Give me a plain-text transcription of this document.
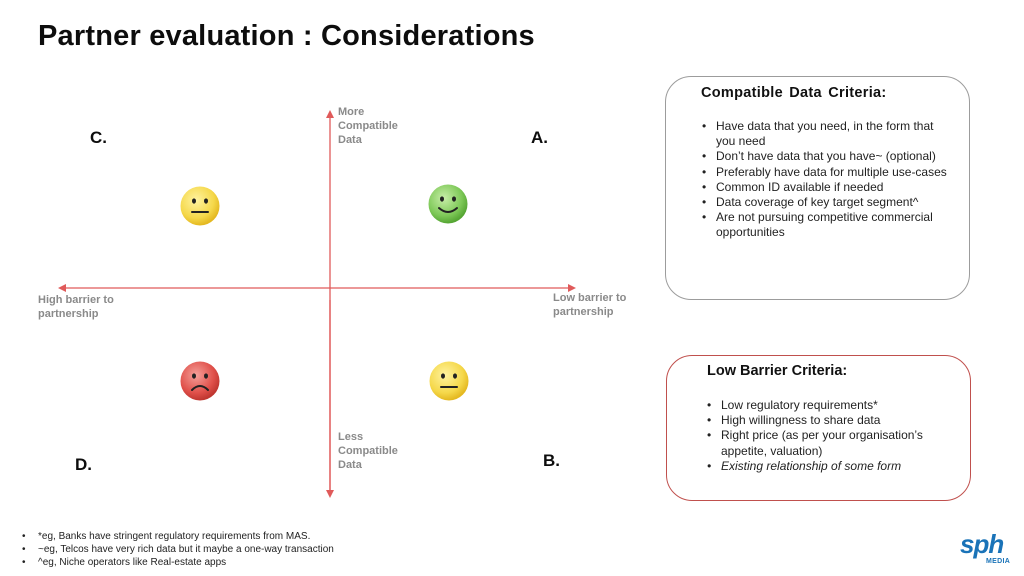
Partner evaluation : Considerations
More
Compatible
Data
Less
Compatible
Data
High barrier to
partnership
Low barrier to
partnership
C.	A.
D.	B.
Compatible Data Criteria:
• Have data that you need, in the form that you need
• Don’t have data that you have~ (optional)
• Preferably have data for multiple use-cases
• Common ID available if needed
• Data coverage of key target segment^
• Are not pursuing competitive commercial opportunities
Low Barrier Criteria:
• Low regulatory requirements*
• High willingness to share data
• Right price (as per your organisation’s appetite, valuation)
• Existing relationship of some form
• *eg, Banks have stringent regulatory requirements from MAS.
• ~eg, Telcos have very rich data but it maybe a one-way transaction
• ^eg, Niche operators like Real-estate apps
sph
MEDIA
